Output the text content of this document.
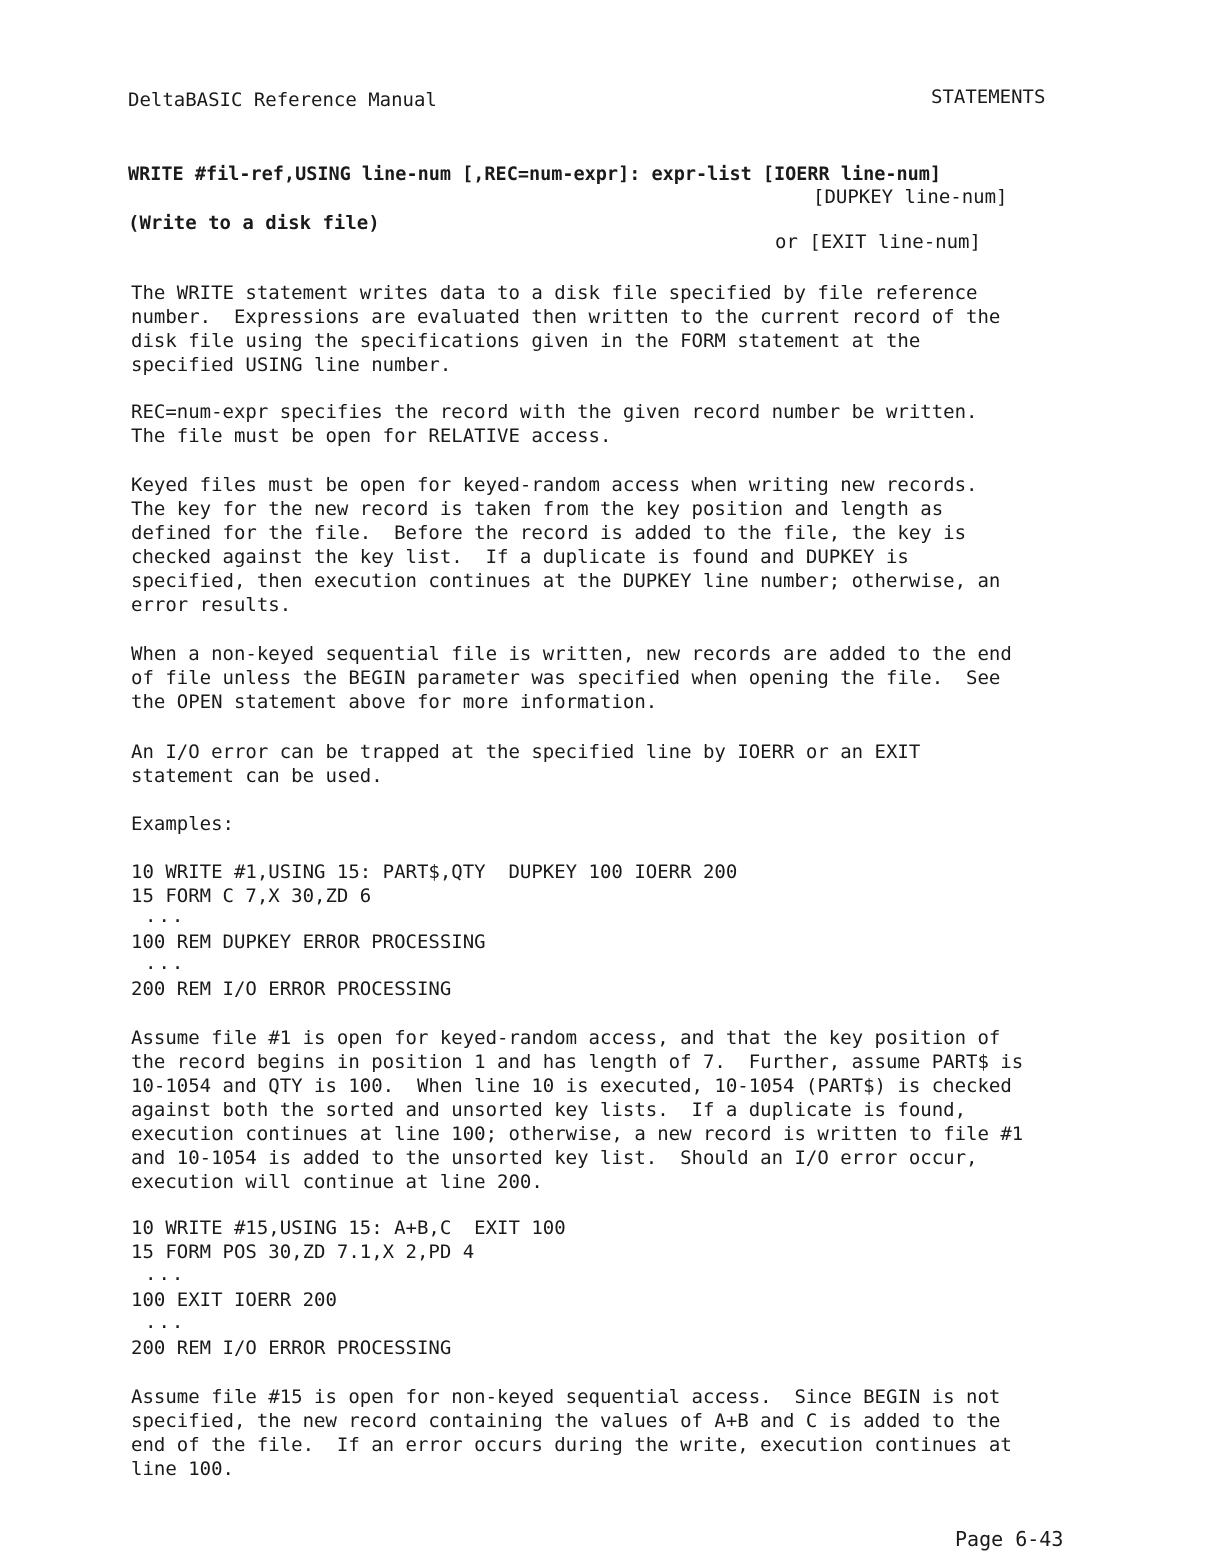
DeltaBASIC Reference Manual	STATEMENTS
WRITE #fil-ref,USING line-num [,REC=num-expr]: expr-list [IOERR line-num]
[DUPKEY line-num]
(Write to a disk file)
or [EXIT line-num]
The WRITE statement writes data to a disk file specified by file reference
number.  Expressions are evaluated then written to the current record of the
disk file using the specifications given in the FORM statement at the
specified USING line number.
REC=num-expr specifies the record with the given record number be written.
The file must be open for RELATIVE access.
Keyed files must be open for keyed-random access when writing new records.
The key for the new record is taken from the key position and length as
defined for the file.  Before the record is added to the file, the key is
checked against the key list.  If a duplicate is found and DUPKEY is
specified, then execution continues at the DUPKEY line number; otherwise, an
error results.
When a non-keyed sequential file is written, new records are added to the end
of file unless the BEGIN parameter was specified when opening the file.  See
the OPEN statement above for more information.
An I/O error can be trapped at the specified line by IOERR or an EXIT
statement can be used.
Examples:
10 WRITE #1,USING 15: PART$,QTY  DUPKEY 100 IOERR 200
15 FORM C 7,X 30,ZD 6
...
100 REM DUPKEY ERROR PROCESSING
...
200 REM I/O ERROR PROCESSING
Assume file #1 is open for keyed-random access, and that the key position of
the record begins in position 1 and has length of 7.  Further, assume PART$ is
10-1054 and QTY is 100.  When line 10 is executed, 10-1054 (PART$) is checked
against both the sorted and unsorted key lists.  If a duplicate is found,
execution continues at line 100; otherwise, a new record is written to file #1
and 10-1054 is added to the unsorted key list.  Should an I/O error occur,
execution will continue at line 200.
10 WRITE #15,USING 15: A+B,C  EXIT 100
15 FORM POS 30,ZD 7.1,X 2,PD 4
...
100 EXIT IOERR 200
...
200 REM I/O ERROR PROCESSING
Assume file #15 is open for non-keyed sequential access.  Since BEGIN is not
specified, the new record containing the values of A+B and C is added to the
end of the file.  If an error occurs during the write, execution continues at
line 100.
Page 6-43
